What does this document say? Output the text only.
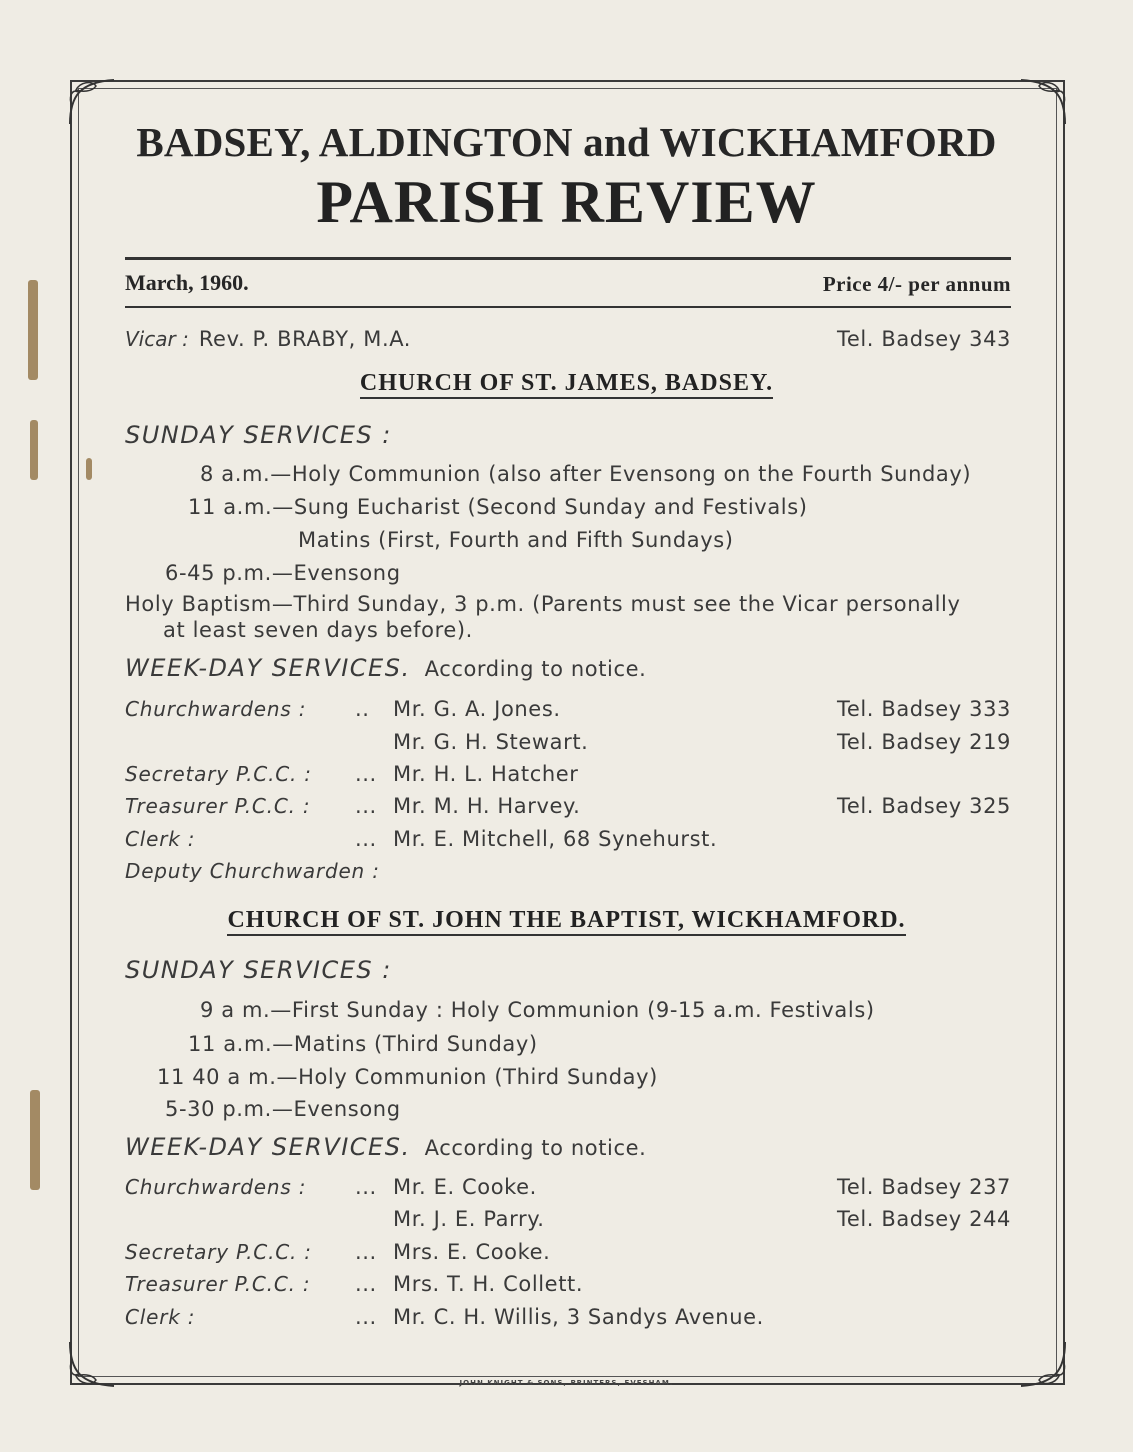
BADSEY, ALDINGTON and WICKHAMFORD
PARISH REVIEW
March, 1960.	Price 4/- per annum
Vicar : Rev. P. BRABY, M.A.	Tel. Badsey 343
CHURCH OF ST. JAMES, BADSEY.
SUNDAY SERVICES :
8 a.m.—Holy Communion (also after Evensong on the Fourth Sunday)
11 a.m.—Sung Eucharist (Second Sunday and Festivals)
Matins (First, Fourth and Fifth Sundays)
6-45 p.m.—Evensong
Holy Baptism—Third Sunday, 3 p.m. (Parents must see the Vicar personally
at least seven days before).
WEEK-DAY SERVICES. According to notice.
Churchwardens : .. Mr. G. A. Jones.	Tel. Badsey 333
Mr. G. H. Stewart.	Tel. Badsey 219
Secretary P.C.C. : ... Mr. H. L. Hatcher
Treasurer P.C.C. : ... Mr. M. H. Harvey.	Tel. Badsey 325
Clerk :	... Mr. E. Mitchell, 68 Synehurst.
Deputy Churchwarden :
CHURCH OF ST. JOHN THE BAPTIST, WICKHAMFORD.
SUNDAY SERVICES :
9 a m.—First Sunday : Holy Communion (9-15 a.m. Festivals)
11 a.m.—Matins (Third Sunday)
11 40 a m.—Holy Communion (Third Sunday)
5-30 p.m.—Evensong
WEEK-DAY SERVICES. According to notice.
Churchwardens : ... Mr. E. Cooke.	Tel. Badsey 237
Mr. J. E. Parry.	Tel. Badsey 244
Secretary P.C.C. : ... Mrs. E. Cooke.
Treasurer P.C.C. : ... Mrs. T. H. Collett.
Clerk :	... Mr. C. H. Willis, 3 Sandys Avenue.
JOHN KNIGHT & SONS, PRINTERS, EVESHAM.
